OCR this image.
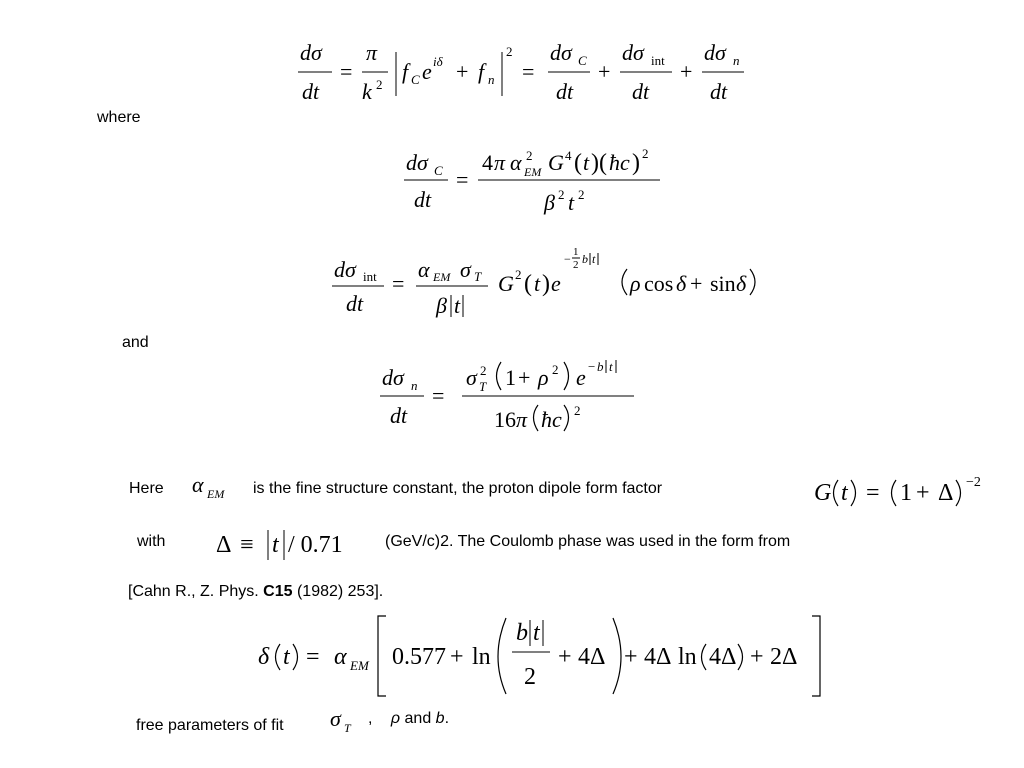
dσ
dt
=
π
k 2
f C e iδ + f n
2
=
dσ C
dt
+
dσ int
dt
+
dσ n
dt
where
dσ C
dt
=
4 π α 2
EM G 4 ( t )( ħc ) 2
β 2 t 2
dσ int
dt
=
α EM σ T
β t
G 2 ( t ) e
− 1
2 b t
ρ cos δ + sin δ
and
dσ n
dt
=
σ 2
T 1 + ρ 2 e − b t
16 π ħc 2
Here α EM is the fine structure constant, the proton dipole form factor	G t = 1 + Δ −2
with Δ ≡ t / 0.71	(GeV/c)2. The Coulomb phase was used in the form from
[Cahn R., Z. Phys. C15 (1982) 253].
δ t = α EM 0.577 + ln
b t
2
+ 4Δ + 4Δ ln 4Δ + 2Δ
free parameters of fit σ T
, ρ and b.
